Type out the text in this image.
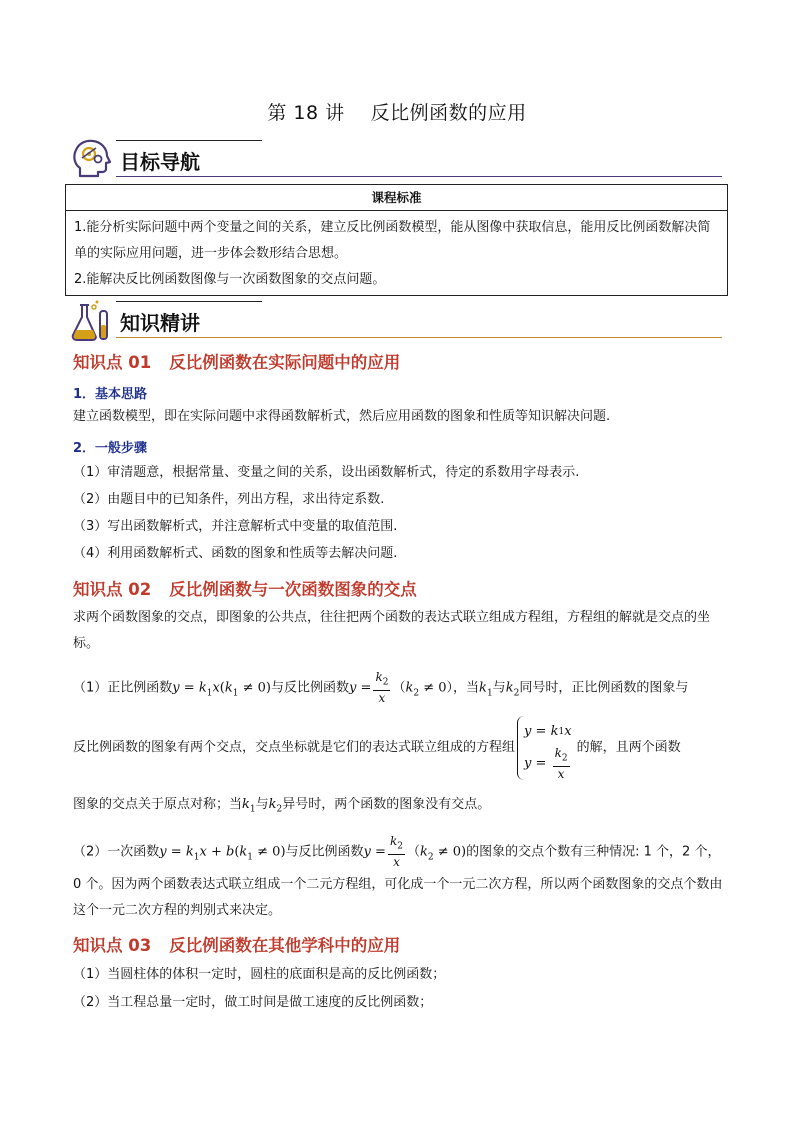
第 18 讲 反比例函数的应用
目标导航
课程标准
1.能分析实际问题中两个变量之间的关系，建立反比例函数模型，能从图像中获取信息，能用反比例函数解决简单的实际应用问题，进一步体会数形结合思想。
2.能解决反比例函数图像与一次函数图象的交点问题。
知识精讲
知识点 01 反比例函数在实际问题中的应用
1．基本思路
建立函数模型，即在实际问题中求得函数解析式，然后应用函数的图象和性质等知识解决问题.
2．一般步骤
（1）审清题意，根据常量、变量之间的关系，设出函数解析式，待定的系数用字母表示.
（2）由题目中的已知条件，列出方程，求出待定系数.
（3）写出函数解析式，并注意解析式中变量的取值范围.
（4）利用函数解析式、函数的图象和性质等去解决问题.
知识点 02 反比例函数与一次函数图象的交点
求两个函数图象的交点，即图象的公共点，往往把两个函数的表达式联立组成方程组，方程组的解就是交点的坐标。
（1）正比例函数$y = k_1x(k_1 \ne 0)$与反比例函数$y = \frac{k_2}{x} (k_2 \ne 0)$，当$k_1$与$k_2$同号时，正比例函数的图象与
反比例函数的图象有两个交点，交点坐标就是它们的表达式联立组成的方程组
y
=
k 1 x
y
=
$\frac{k_2}{x}$ 的解，且两个函数
图象的交点关于原点对称；当$k_1$与$k_2$异号时，两个函数的图象没有交点。
（2）一次函数$y = k_1x + b(k_1 \ne 0)$与反比例函数$y = \frac{k_2}{x} (k_2 \ne 0)$的图象的交点个数有三种情况: 1 个，2 个，
0 个。因为两个函数表达式联立组成一个二元方程组，可化成一个一元二次方程，所以两个函数图象的交点个数由这个一元二次方程的判别式来决定。
知识点 03 反比例函数在其他学科中的应用
（1）当圆柱体的体积一定时，圆柱的底面积是高的反比例函数；
（2）当工程总量一定时，做工时间是做工速度的反比例函数；
